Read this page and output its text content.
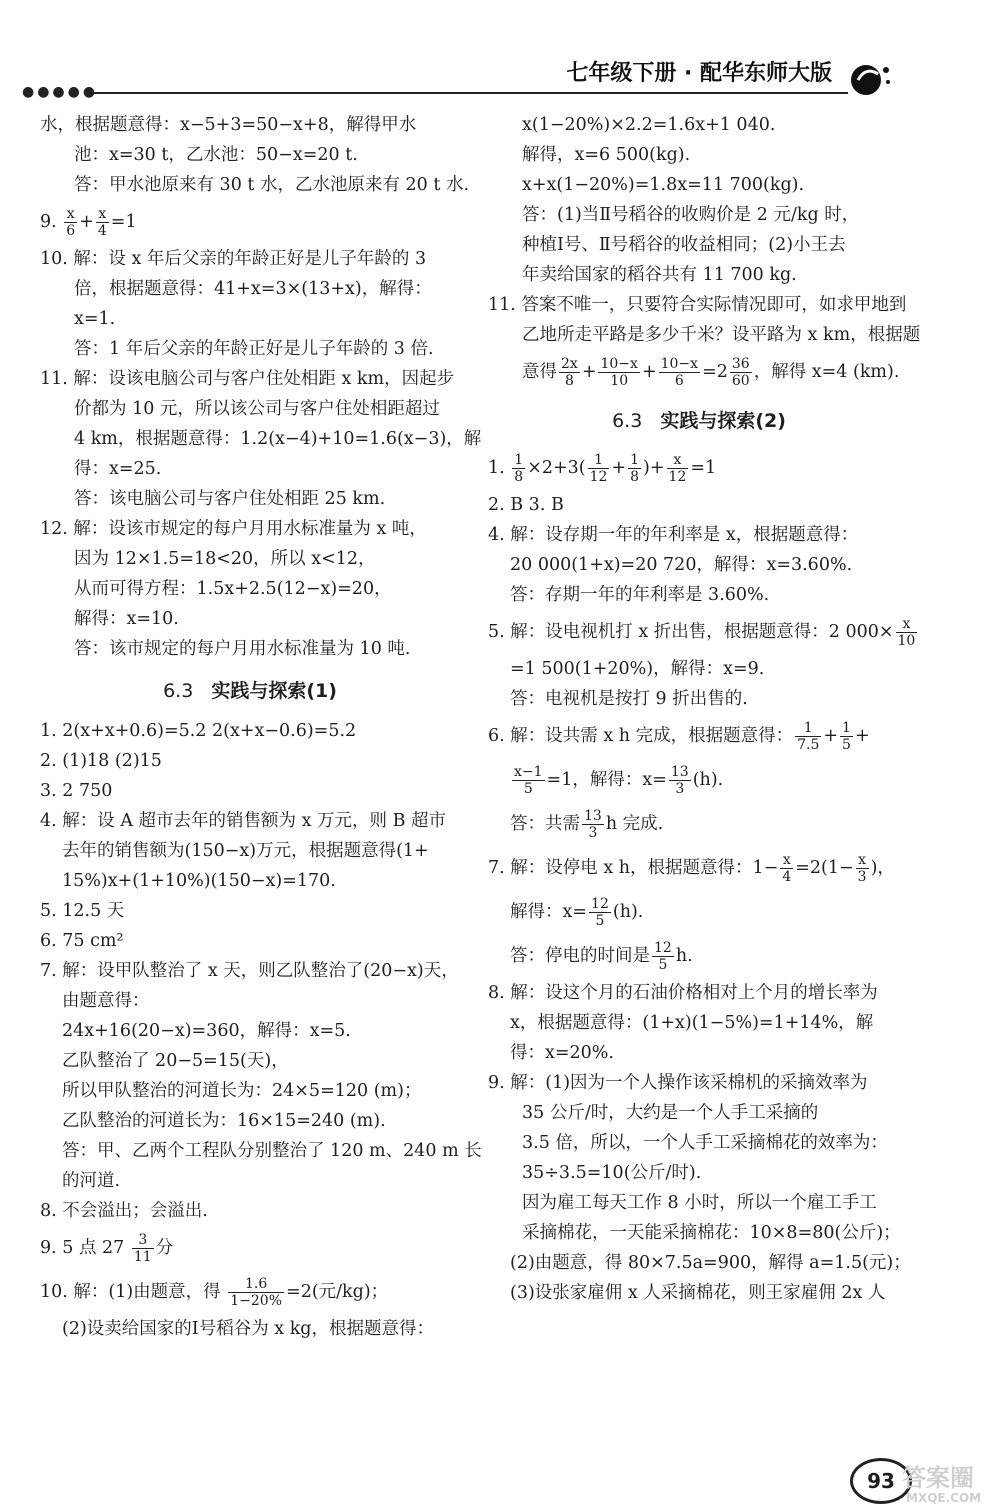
●●●●●
七年级下册 · 配华东师大版
水，根据题意得：x−5+3=50−x+8，解得甲水
池：x=30 t，乙水池：50−x=20 t.
答：甲水池原来有 30 t 水，乙水池原来有 20 t 水.
9. $\frac{x}{6} + \frac{x}{4} =1$
10. 解：设 x 年后父亲的年龄正好是儿子年龄的 3
倍，根据题意得：41+x=3×(13+x)，解得：
x=1.
答：1 年后父亲的年龄正好是儿子年龄的 3 倍.
11. 解：设该电脑公司与客户住处相距 x km，因起步
价都为 10 元，所以该公司与客户住处相距超过
4 km，根据题意得：1.2(x−4)+10=1.6(x−3)，解
得：x=25.
答：该电脑公司与客户住处相距 25 km.
12. 解：设该市规定的每户月用水标准量为 x 吨，
因为 12×1.5=18<20，所以 x<12，
从而可得方程：1.5x+2.5(12−x)=20，
解得：x=10.
答：该市规定的每户月用水标准量为 10 吨.
6.3 实践与探索(1)
1. 2(x+x+0.6)=5.2 2(x+x−0.6)=5.2
2. (1)18 (2)15
3. 2 750
4. 解：设 A 超市去年的销售额为 x 万元，则 B 超市
去年的销售额为(150−x)万元，根据题意得(1+
15%)x+(1+10%)(150−x)=170.
5. 12.5 天
6. 75 cm²
7. 解：设甲队整治了 x 天，则乙队整治了(20−x)天，
由题意得：
24x+16(20−x)=360，解得：x=5.
乙队整治了 20−5=15(天)，
所以甲队整治的河道长为：24×5=120 (m)；
乙队整治的河道长为：16×15=240 (m).
答：甲、乙两个工程队分别整治了 120 m、240 m 长
的河道.
8. 不会溢出；会溢出.
9. 5 点 $27 \frac{3}{11}$ 分
10. 解：(1)由题意，得 $\frac{1.6}{1-20\%} =2$(元/kg)；
(2)设卖给国家的Ⅰ号稻谷为 x kg，根据题意得：
x(1−20%)×2.2=1.6x+1 040.
解得，x=6 500(kg).
x+x(1−20%)=1.8x=11 700(kg).
答：(1)当Ⅱ号稻谷的收购价是 2 元/kg 时，
种植Ⅰ号、Ⅱ号稻谷的收益相同；(2)小王去
年卖给国家的稻谷共有 11 700 kg.
11. 答案不唯一，只要符合实际情况即可，如求甲地到
乙地所走平路是多少千米？设平路为 x km，根据题
意得 $\frac{2x}{8} + \frac{10-x}{10} + \frac{10-x}{6} =2 \frac{36}{60}$ ，解得 x=4 (km).
6.3 实践与探索(2)
1. $\frac{1}{8} \times 2+3( \frac{1}{12} + \frac{1}{8}$ )+ $\frac{x}{12} =1$
2. B 3. B
4. 解：设存期一年的年利率是 x，根据题意得：
20 000(1+x)=20 720，解得：x=3.60%.
答：存期一年的年利率是 3.60%.
5. 解：设电视机打 x 折出售，根据题意得：2 $000\times \frac{x}{10}$
=1 500(1+20%)，解得：x=9.
答：电视机是按打 9 折出售的.
6. 解：设共需 x h 完成，根据题意得： $\frac{1}{7.5} + \frac{1}{5}$ +
$\frac{x-1}{5} =1$，解得：$x= \frac{13}{3} (h)$.
答：共需 $\frac{13}{3}$ h 完成.
7. 解：设停电 x h，根据题意得：$1- \frac{x}{4} =2(1- \frac{x}{3}$ )，
解得：$x= \frac{12}{5} (h)$.
答：停电的时间是 $\frac{12}{5} h$.
8. 解：设这个月的石油价格相对上个月的增长率为
x，根据题意得：(1+x)(1−5%)=1+14%，解
得：x=20%.
9. 解：(1)因为一个人操作该采棉机的采摘效率为
35 公斤/时，大约是一个人手工采摘的
3.5 倍，所以，一个人手工采摘棉花的效率为：
35÷3.5=10(公斤/时).
因为雇工每天工作 8 小时，所以一个雇工手工
采摘棉花，一天能采摘棉花：10×8=80(公斤)；
(2)由题意，得 80×7.5a=900，解得 a=1.5(元)；
(3)设张家雇佣 x 人采摘棉花，则王家雇佣 2x 人
93 答案圈
MXQE.COM
